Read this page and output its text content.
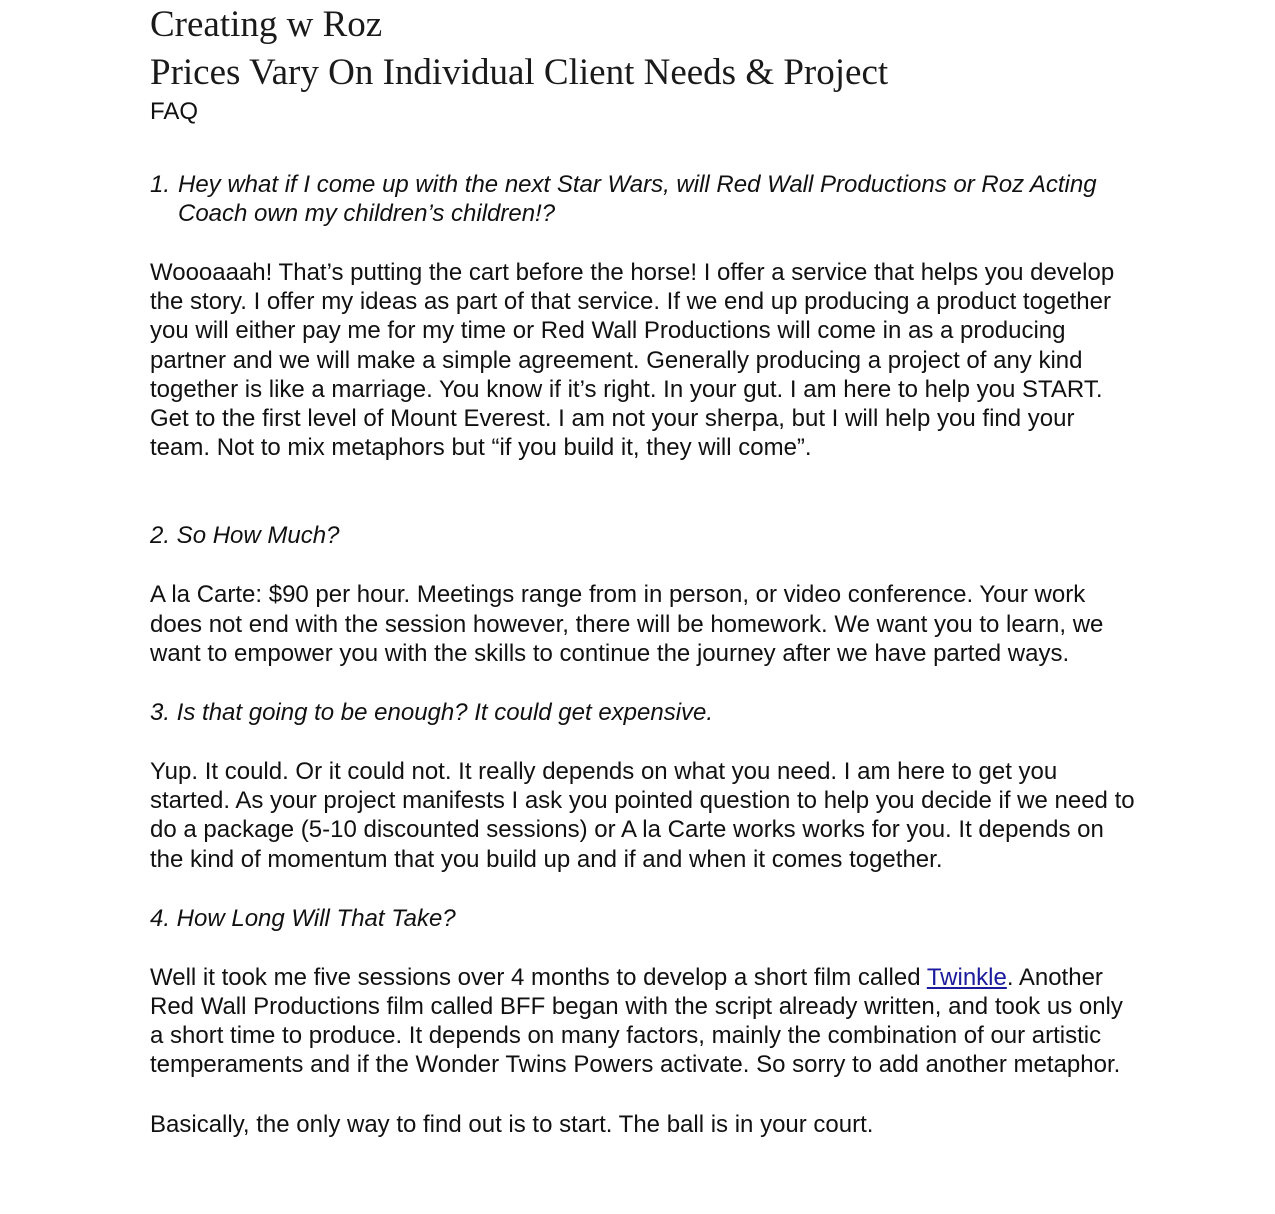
Creating w Roz
Prices Vary On Individual Client Needs & Project
FAQ
1. Hey what if I come up with the next Star Wars, will Red Wall Productions or Roz Acting Coach own my children’s children!?

Woooaaah! That’s putting the cart before the horse! I offer a service that helps you develop the story. I offer my ideas as part of that service. If we end up producing a product together you will either pay me for my time or Red Wall Productions will come in as a producing partner and we will make a simple agreement. Generally producing a project of any kind together is like a marriage. You know if it’s right. In your gut. I am here to help you START. Get to the first level of Mount Everest. I am not your sherpa, but I will help you find your team. Not to mix metaphors but “if you build it, they will come”.

2. So How Much?

A la Carte: $90 per hour. Meetings range from in person, or video conference. Your work does not end with the session however, there will be homework. We want you to learn, we want to empower you with the skills to continue the journey after we have parted ways.

3. Is that going to be enough? It could get expensive.

Yup. It could. Or it could not. It really depends on what you need. I am here to get you started. As your project manifests I ask you pointed question to help you decide if we need to do a package (5-10 discounted sessions) or A la Carte works works for you. It depends on the kind of momentum that you build up and if and when it comes together.

4. How Long Will That Take?

Well it took me five sessions over 4 months to develop a short film called Twinkle. Another Red Wall Productions film called BFF began with the script already written, and took us only a short time to produce. It depends on many factors, mainly the combination of our artistic temperaments and if the Wonder Twins Powers activate. So sorry to add another metaphor.

Basically, the only way to find out is to start. The ball is in your court.
